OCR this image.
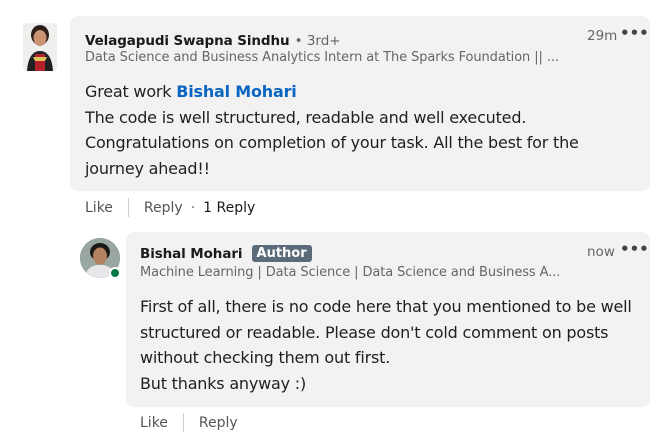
Velagapudi Swapna Sindhu • 3rd+
Data Science and Business Analytics Intern at The Sparks Foundation || ...
29m •••
Great work Bishal Mohari
The code is well structured, readable and well executed.
Congratulations on completion of your task. All the best for the
journey ahead!!
Like Reply · 1 Reply
Bishal Mohari Author
Machine Learning | Data Science | Data Science and Business A...
now •••
First of all, there is no code here that you mentioned to be well
structured or readable. Please don't cold comment on posts
without checking them out first.
But thanks anyway :)
Like Reply
